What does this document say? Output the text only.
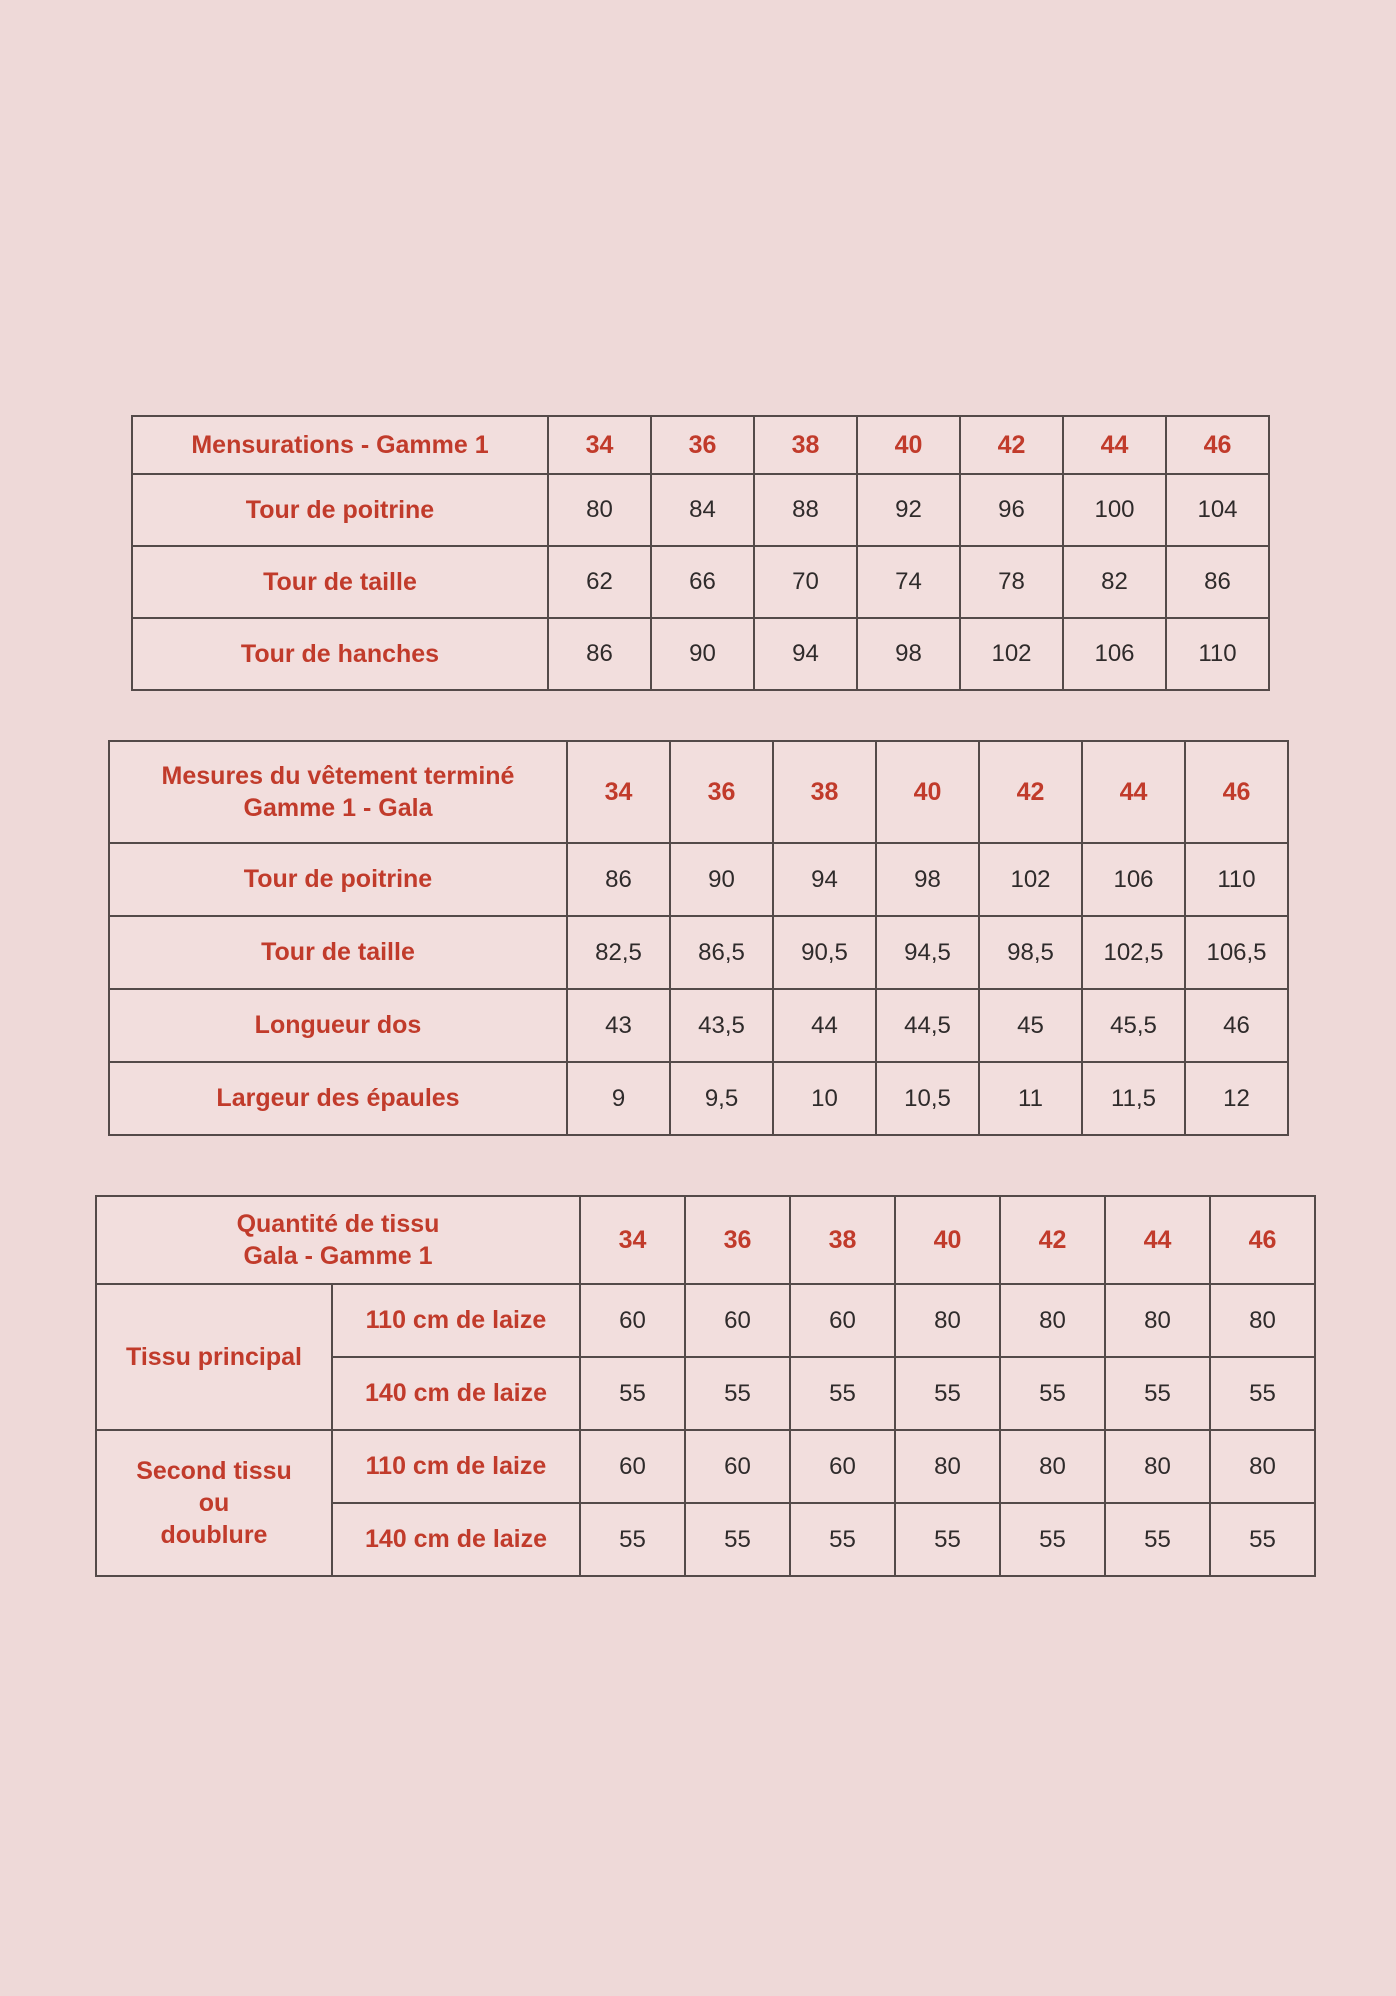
Mensurations - Gamme 1	34	36	38	40	42	44	46
Tour de poitrine	80	84	88	92	96	100	104
Tour de taille	62	66	70	74	78	82	86
Tour de hanches	86	90	94	98	102	106	110
Mesures du vêtement terminé
Gamme 1 - Gala	34	36	38	40	42	44	46
Tour de poitrine	86	90	94	98	102	106	110
Tour de taille	82,5	86,5	90,5	94,5	98,5	102,5	106,5
Longueur dos	43	43,5	44	44,5	45	45,5	46
Largeur des épaules	9	9,5	10	10,5	11	11,5	12
Quantité de tissu
Gala - Gamme 1		34	36	38	40	42	44	46

Tissu principal	110 cm de laize	60	60	60	80	80	80	80
	140 cm de laize	55	55	55	55	55	55	55

Second tissu
ou
doublure	110 cm de laize	60	60	60	80	80	80	80
	140 cm de laize	55	55	55	55	55	55	55
